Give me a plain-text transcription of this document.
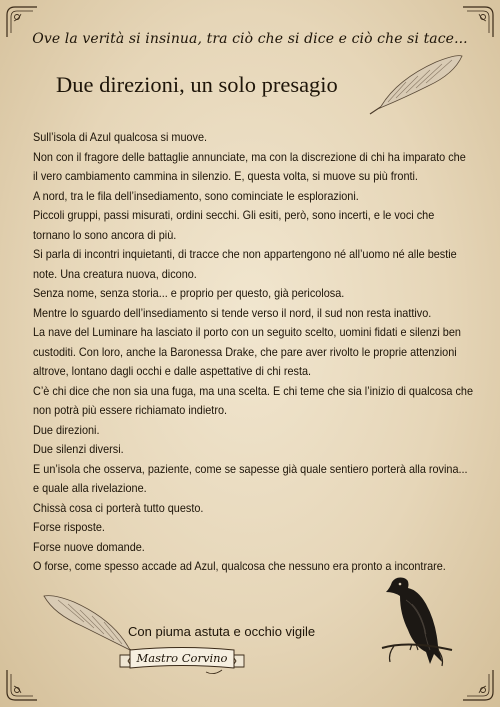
Ove la verità si insinua, tra ciò che si dice e ciò che si tace...
Due direzioni, un solo presagio

Sull’isola di Azul qualcosa si muove.

Non con il fragore delle battaglie annunciate, ma con la discrezione di chi ha imparato che

il vero cambiamento cammina in silenzio. E, questa volta, si muove su più fronti.

A nord, tra le fila dell’insediamento, sono cominciate le esplorazioni.

Piccoli gruppi, passi misurati, ordini secchi. Gli esiti, però, sono incerti, e le voci che

tornano lo sono ancora di più.

Si parla di incontri inquietanti, di tracce che non appartengono né all’uomo né alle bestie

note. Una creatura nuova, dicono.

Senza nome, senza storia... e proprio per questo, già pericolosa.

Mentre lo sguardo dell’insediamento si tende verso il nord, il sud non resta inattivo.

La nave del Luminare ha lasciato il porto con un seguito scelto, uomini fidati e silenzi ben

custoditi. Con loro, anche la Baronessa Drake, che pare aver rivolto le proprie attenzioni

altrove, lontano dagli occhi e dalle aspettative di chi resta.

C’è chi dice che non sia una fuga, ma una scelta. E chi teme che sia l’inizio di qualcosa che

non potrà più essere richiamato indietro.

Due direzioni.

Due silenzi diversi.

E un’isola che osserva, paziente, come se sapesse già quale sentiero porterà alla rovina...

e quale alla rivelazione.

Chissà cosa ci porterà tutto questo.

Forse risposte.

Forse nuove domande.

O forse, come spesso accade ad Azul, qualcosa che nessuno era pronto a incontrare.

Con piuma astuta e occhio vigile
Mastro Corvino
